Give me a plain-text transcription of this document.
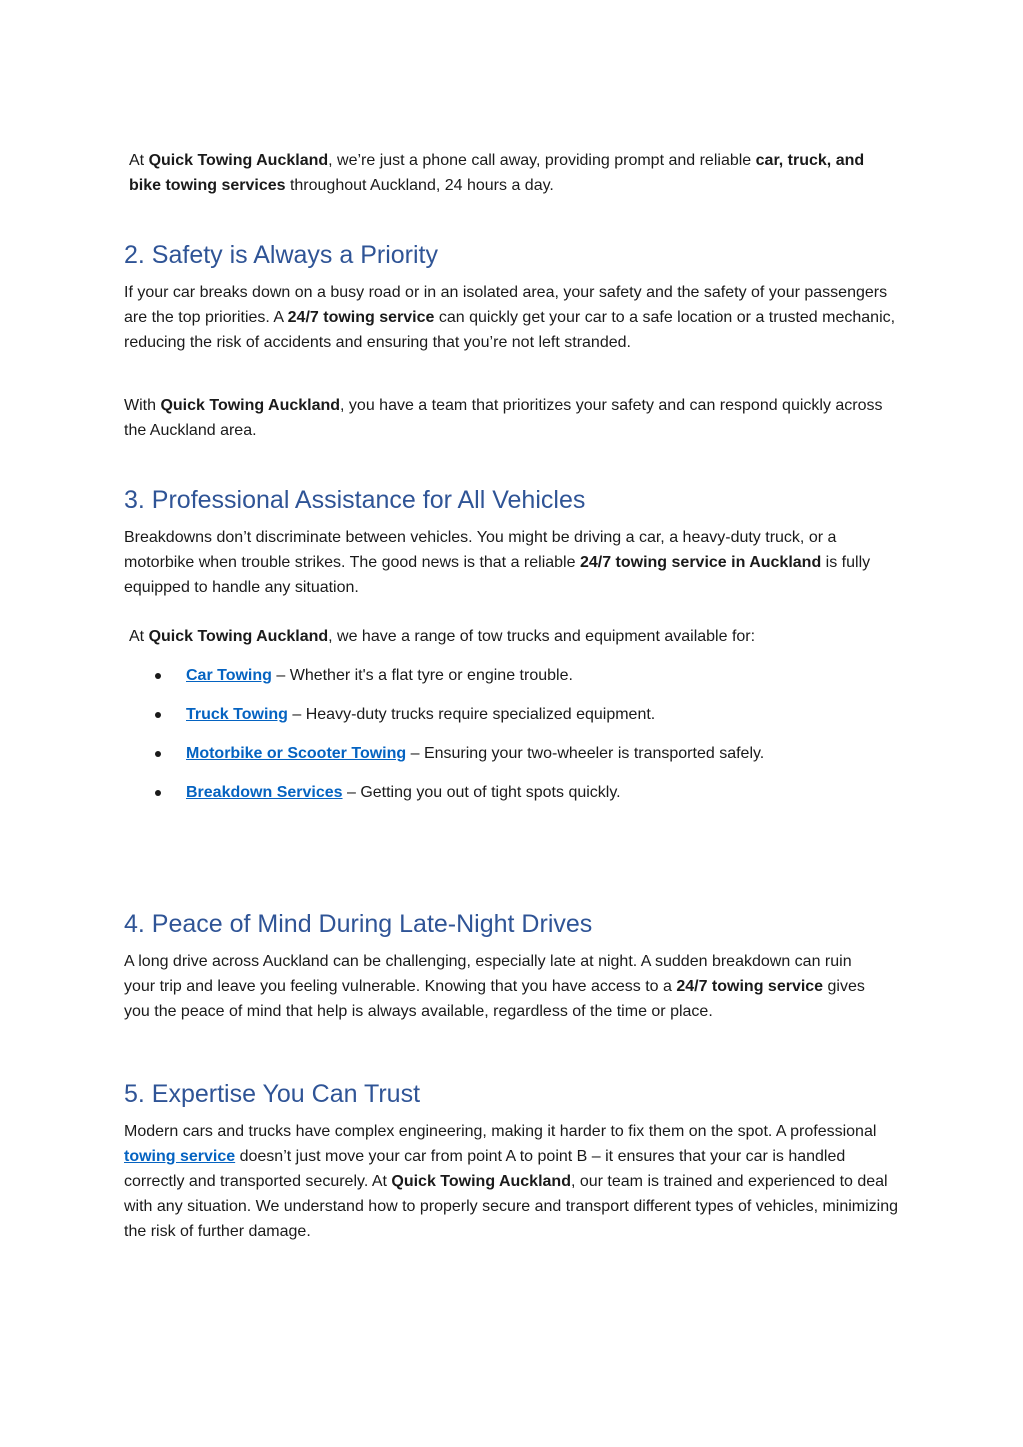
At Quick Towing Auckland, we’re just a phone call away, providing prompt and reliable car, truck, and bike towing services throughout Auckland, 24 hours a day.

2. Safety is Always a Priority

If your car breaks down on a busy road or in an isolated area, your safety and the safety of your passengers are the top priorities. A 24/7 towing service can quickly get your car to a safe location or a trusted mechanic, reducing the risk of accidents and ensuring that you’re not left stranded.

With Quick Towing Auckland, you have a team that prioritizes your safety and can respond quickly across the Auckland area.

3. Professional Assistance for All Vehicles

Breakdowns don’t discriminate between vehicles. You might be driving a car, a heavy-duty truck, or a motorbike when trouble strikes. The good news is that a reliable 24/7 towing service in Auckland is fully equipped to handle any situation.

At Quick Towing Auckland, we have a range of tow trucks and equipment available for:

Car Towing – Whether it's a flat tyre or engine trouble.
Truck Towing – Heavy-duty trucks require specialized equipment.
Motorbike or Scooter Towing – Ensuring your two-wheeler is transported safely.
Breakdown Services – Getting you out of tight spots quickly.
4. Peace of Mind During Late-Night Drives

A long drive across Auckland can be challenging, especially late at night. A sudden breakdown can ruin your trip and leave you feeling vulnerable. Knowing that you have access to a 24/7 towing service gives you the peace of mind that help is always available, regardless of the time or place.

5. Expertise You Can Trust

Modern cars and trucks have complex engineering, making it harder to fix them on the spot. A professional towing service doesn’t just move your car from point A to point B – it ensures that your car is handled correctly and transported securely. At Quick Towing Auckland, our team is trained and experienced to deal with any situation. We understand how to properly secure and transport different types of vehicles, minimizing the risk of further damage.
